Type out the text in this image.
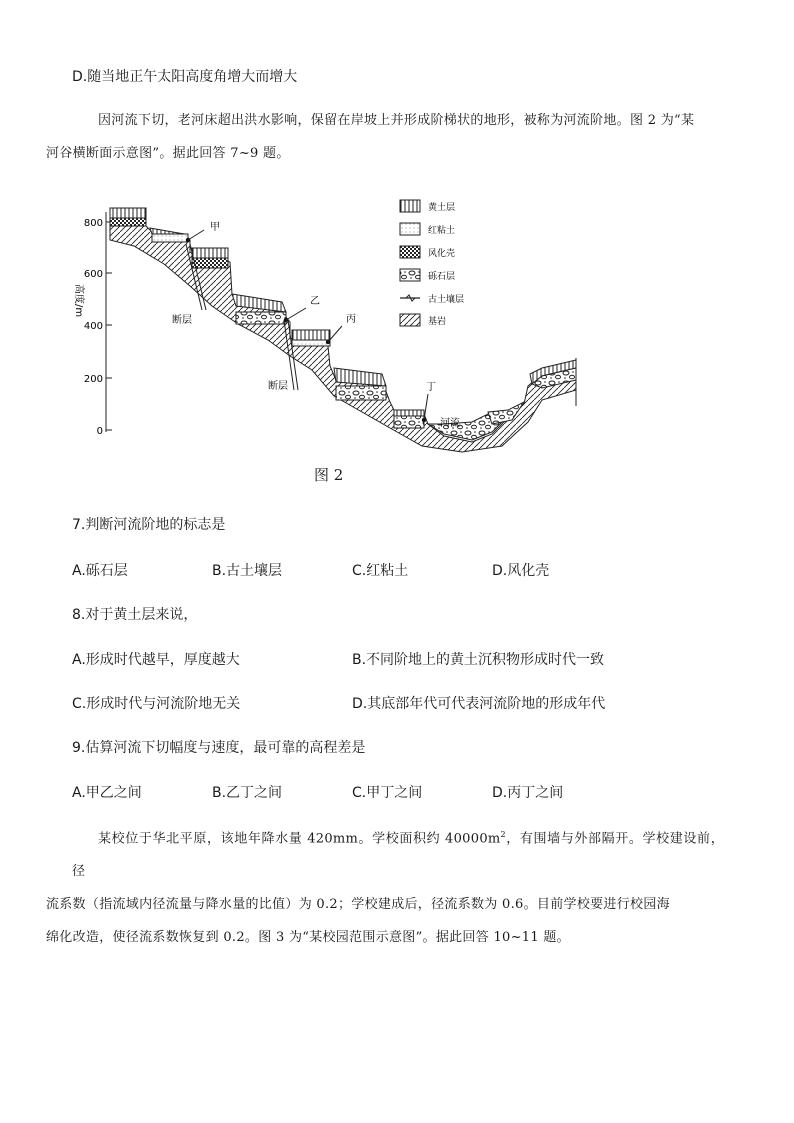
D.随当地正午太阳高度角增大而增大
因河流下切，老河床超出洪水影响，保留在岸坡上并形成阶梯状的地形，被称为河流阶地。图 2 为“某
河谷横断面示意图”。据此回答 7~9 题。
800
600
400
200
0
高度/m
断层
断层
甲
乙
丙
丁
河流
黄土层
红粘土
风化壳
砾石层
古土壤层
基岩
图 2
7.判断河流阶地的标志是
A.砾石层	B.古土壤层	C.红粘土	D.风化壳
8.对于黄土层来说，
A.形成时代越早，厚度越大	B.不同阶地上的黄土沉积物形成时代一致
C.形成时代与河流阶地无关	D.其底部年代可代表河流阶地的形成年代
9.估算河流下切幅度与速度，最可靠的高程差是
A.甲乙之间	B.乙丁之间	C.甲丁之间	D.丙丁之间
某校位于华北平原，该地年降水量 420mm。学校面积约 $40000m^2$，有围墙与外部隔开。学校建设前，径
流系数（指流域内径流量与降水量的比值）为 0.2；学校建成后，径流系数为 0.6。目前学校要进行校园海
绵化改造，使径流系数恢复到 0.2。图 3 为“某校园范围示意图”。据此回答 10~11 题。
